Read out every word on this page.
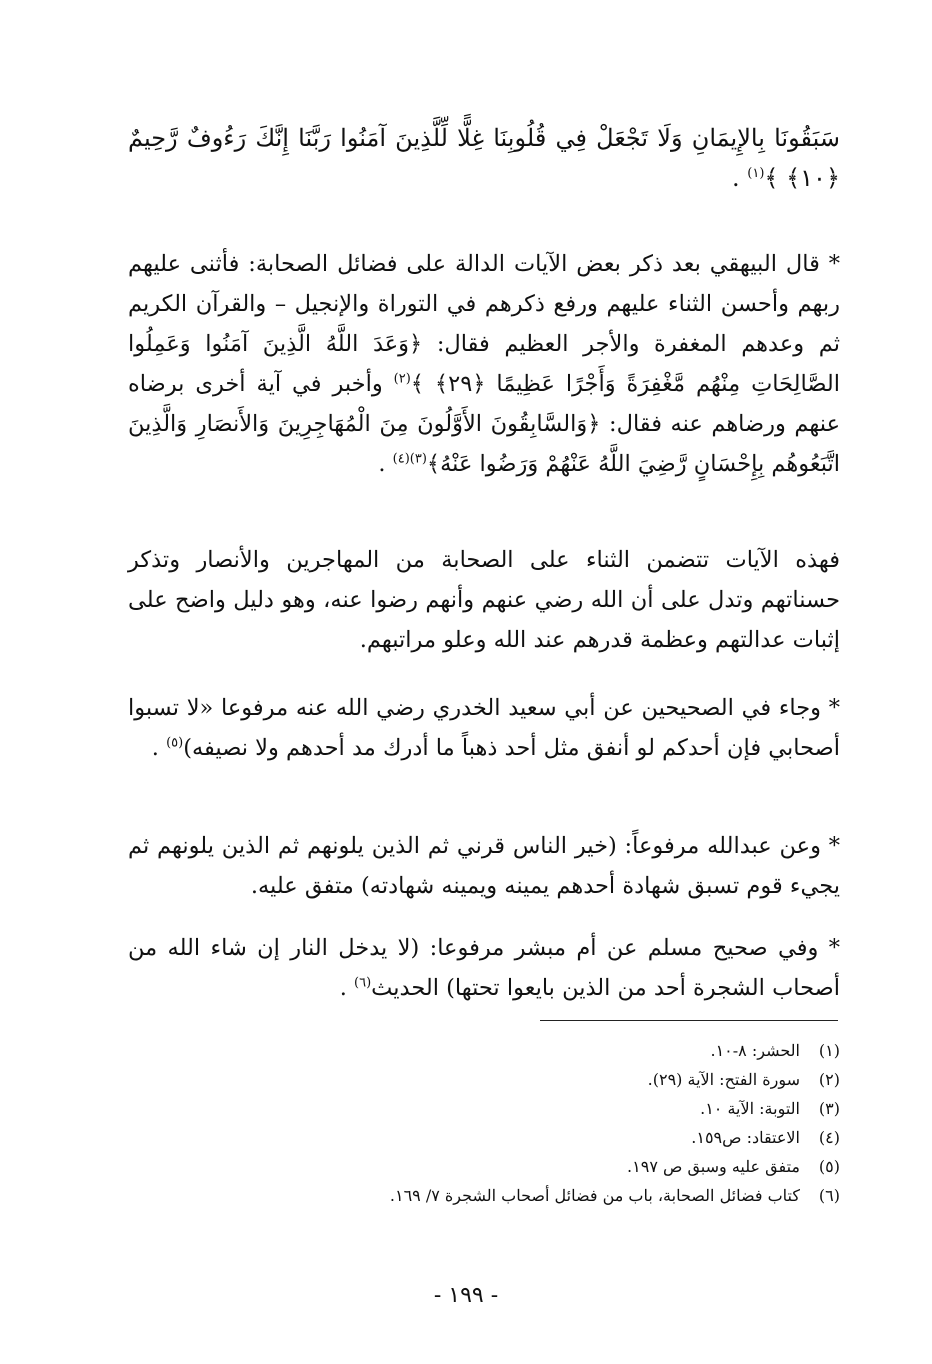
سَبَقُونَا بِالإِيمَانِ وَلَا تَجْعَلْ فِي قُلُوبِنَا غِلًّا لِّلَّذِينَ آمَنُوا رَبَّنَا إِنَّكَ رَءُوفٌ رَّحِيمٌ ﴿١٠﴾ ﴾$^{(١)}$ .

* قال البيهقي بعد ذكر بعض الآيات الدالة على فضائل الصحابة: فأثنى عليهم ربهم وأحسن الثناء عليهم ورفع ذكرهم في التوراة والإنجيل – والقرآن الكريم ثم وعدهم المغفرة والأجر العظيم فقال: ﴿وَعَدَ اللَّهُ الَّذِينَ آمَنُوا وَعَمِلُوا الصَّالِحَاتِ مِنْهُم مَّغْفِرَةً وَأَجْرًا عَظِيمًا ﴿٢٩﴾ ﴾$^{(٢)}$ وأخبر في آية أخرى برضاه عنهم ورضاهم عنه فقال: ﴿وَالسَّابِقُونَ الأَوَّلُونَ مِنَ الْمُهَاجِرِينَ وَالأَنصَارِ وَالَّذِينَ اتَّبَعُوهُم بِإِحْسَانٍ رَّضِيَ اللَّهُ عَنْهُمْ وَرَضُوا عَنْهُ﴾$^{(٣)(٤)}$ .

فهذه الآيات تتضمن الثناء على الصحابة من المهاجرين والأنصار وتذكر حسناتهم وتدل على أن الله رضي عنهم وأنهم رضوا عنه، وهو دليل واضح على إثبات عدالتهم وعظمة قدرهم عند الله وعلو مراتبهم.

* وجاء في الصحيحين عن أبي سعيد الخدري رضي الله عنه مرفوعا «لا تسبوا أصحابي فإن أحدكم لو أنفق مثل أحد ذهباً ما أدرك مد أحدهم ولا نصيفه)$^{(٥)}$ .

* وعن عبدالله مرفوعاً: (خير الناس قرني ثم الذين يلونهم ثم الذين يلونهم ثم يجيء قوم تسبق شهادة أحدهم يمينه ويمينه شهادته) متفق عليه.

* وفي صحيح مسلم عن أم مبشر مرفوعا: (لا يدخل النار إن شاء الله من أصحاب الشجرة أحد من الذين بايعوا تحتها) الحديث$^{(٦)}$ .

(١)
الحشر: ٨-١٠.
(٢)
سورة الفتح: الآية (٢٩).
(٣)
التوبة: الآية ١٠.
(٤)
الاعتقاد: ص١٥٩.
(٥)
متفق عليه وسبق ص ١٩٧.
(٦)
كتاب فضائل الصحابة، باب من فضائل أصحاب الشجرة ٧/ ١٦٩.
- ١٩٩ -
